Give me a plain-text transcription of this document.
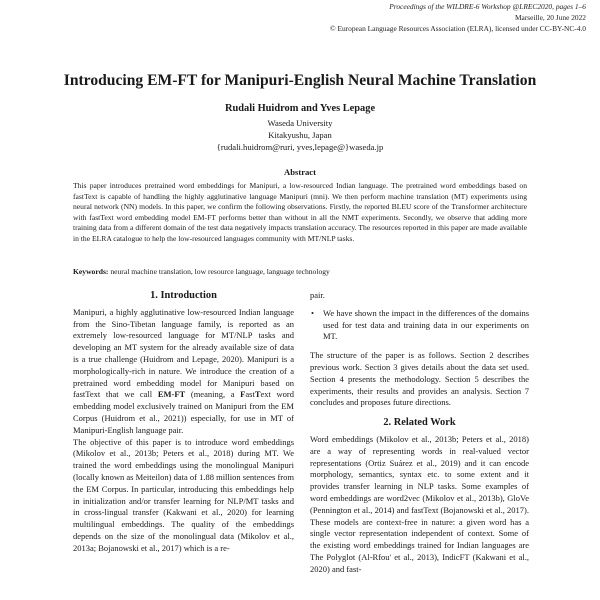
Proceedings of the WILDRE-6 Workshop @LREC2020, pages 1–6
Marseille, 20 June 2022
© European Language Resources Association (ELRA), licensed under CC-BY-NC-4.0
Introducing EM-FT for Manipuri-English Neural Machine Translation
Rudali Huidrom and Yves Lepage
Waseda University
Kitakyushu, Japan
{rudali.huidrom@ruri, yves,lepage@}waseda.jp
Abstract
This paper introduces pretrained word embeddings for Manipuri, a low-resourced Indian language. The pretrained word embeddings based on fastText is capable of handling the highly agglutinative language Manipuri (mni). We then perform machine translation (MT) experiments using neural network (NN) models. In this paper, we confirm the following observations. Firstly, the reported BLEU score of the Transformer architecture with fastText word embedding model EM-FT performs better than without in all the NMT experiments. Secondly, we observe that adding more training data from a different domain of the test data negatively impacts translation accuracy. The resources reported in this paper are made available in the ELRA catalogue to help the low-resourced languages community with MT/NLP tasks.
Keywords: neural machine translation, low resource language, language technology
1. Introduction

Manipuri, a highly agglutinative low-resourced Indian language from the Sino-Tibetan language family, is reported as an extremely low-resourced language for MT/NLP tasks and developing an MT system for the already available size of data is a true challenge (Huidrom and Lepage, 2020). Manipuri is a morphologically-rich in nature. We introduce the creation of a pretrained word embedding model for Manipuri based on fastText that we call EM-FT (meaning, a FastText word embedding model exclusively trained on Manipuri from the EM Corpus (Huidrom et al., 2021)) especially, for use in MT of Manipuri-English language pair.

The objective of this paper is to introduce word embeddings (Mikolov et al., 2013b; Peters et al., 2018) during MT. We trained the word embeddings using the monolingual Manipuri (locally known as Meiteilon) data of 1.88 million sentences from the EM Corpus. In particular, introducing this embeddings help in initialization and/or transfer learning for NLP/MT tasks and in cross-lingual transfer (Kakwani et al., 2020) for learning multilingual embeddings. The quality of the embeddings depends on the size of the monolingual data (Mikolov et al., 2013a; Bojanowski et al., 2017) which is a re-

pair.

•	We have shown the impact in the differences of the domains used for test data and training data in our experiments on MT.

The structure of the paper is as follows. Section 2 describes previous work. Section 3 gives details about the data set used. Section 4 presents the methodology. Section 5 describes the experiments, their results and provides an analysis. Section 7 concludes and proposes future directions.

2. Related Work

Word embeddings (Mikolov et al., 2013b; Peters et al., 2018) are a way of representing words in real-valued vector representations (Ortiz Suárez et al., 2019) and it can encode morphology, semantics, syntax etc. to some extent and it provides transfer learning in NLP tasks. Some examples of word embeddings are word2vec (Mikolov et al., 2013b), GloVe (Pennington et al., 2014) and fastText (Bojanowski et al., 2017). These models are context-free in nature: a given word has a single vector representation independent of context. Some of the existing word embeddings trained for Indian languages are The Polyglot (Al-Rfou' et al., 2013), IndicFT (Kakwani et al., 2020) and fast-
